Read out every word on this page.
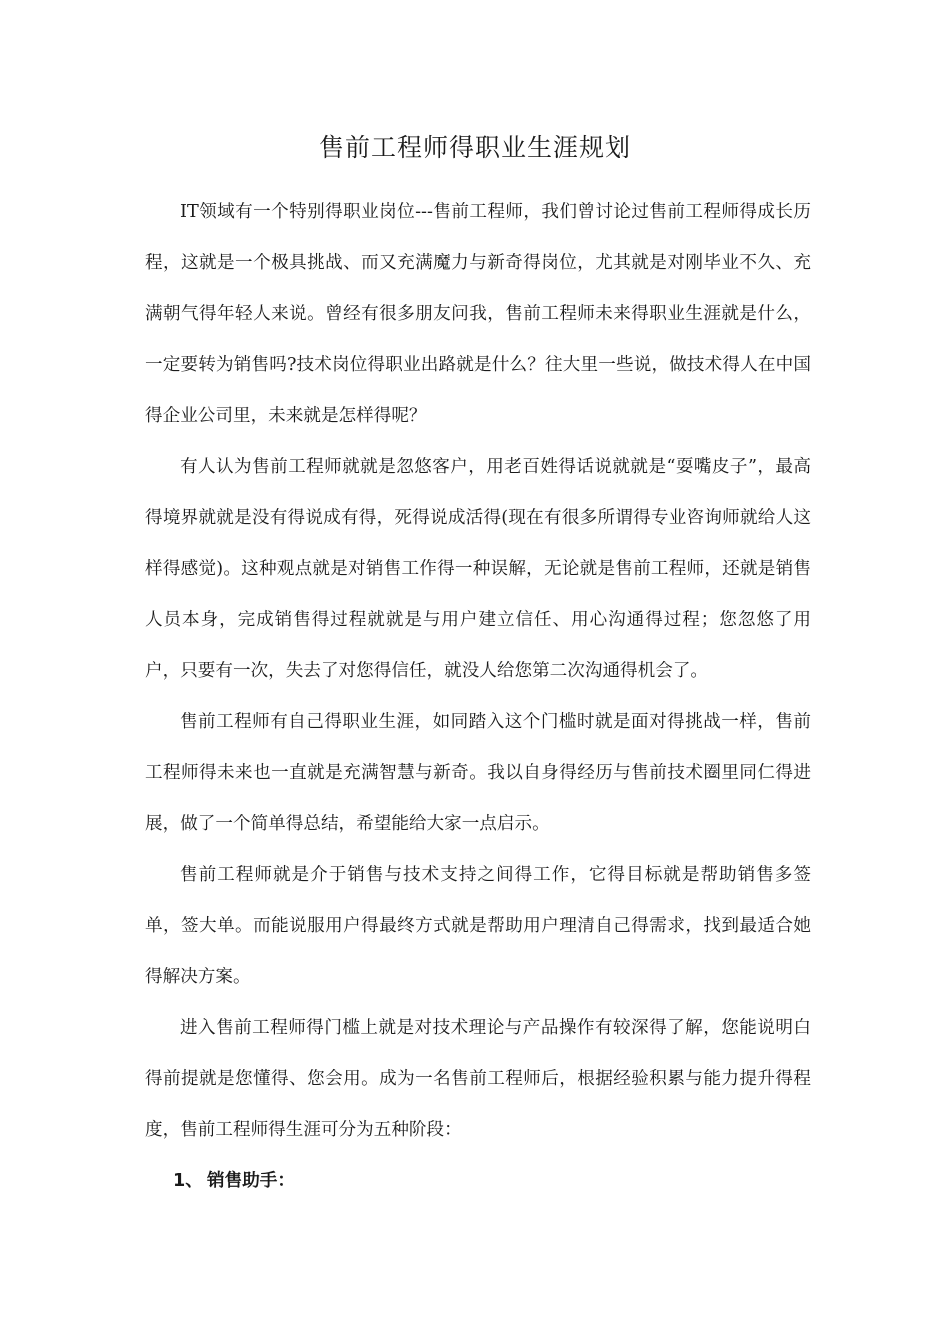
售前工程师得职业生涯规划

IT领域有一个特别得职业岗位---售前工程师，我们曾讨论过售前工程师得成长历程，这就是一个极具挑战、而又充满魔力与新奇得岗位，尤其就是对刚毕业不久、充满朝气得年轻人来说。曾经有很多朋友问我，售前工程师未来得职业生涯就是什么，一定要转为销售吗?技术岗位得职业出路就是什么？往大里一些说，做技术得人在中国得企业公司里，未来就是怎样得呢？

有人认为售前工程师就就是忽悠客户，用老百姓得话说就就是“耍嘴皮子”，最高得境界就就是没有得说成有得，死得说成活得(现在有很多所谓得专业咨询师就给人这样得感觉)。这种观点就是对销售工作得一种误解，无论就是售前工程师，还就是销售人员本身，完成销售得过程就就是与用户建立信任、用心沟通得过程；您忽悠了用户，只要有一次，失去了对您得信任，就没人给您第二次沟通得机会了。

售前工程师有自己得职业生涯，如同踏入这个门槛时就是面对得挑战一样，售前工程师得未来也一直就是充满智慧与新奇。我以自身得经历与售前技术圈里同仁得进展，做了一个简单得总结，希望能给大家一点启示。

售前工程师就是介于销售与技术支持之间得工作，它得目标就是帮助销售多签单，签大单。而能说服用户得最终方式就是帮助用户理清自己得需求，找到最适合她得解决方案。

进入售前工程师得门槛上就是对技术理论与产品操作有较深得了解，您能说明白得前提就是您懂得、您会用。成为一名售前工程师后，根据经验积累与能力提升得程度，售前工程师得生涯可分为五种阶段：

1、 销售助手：
